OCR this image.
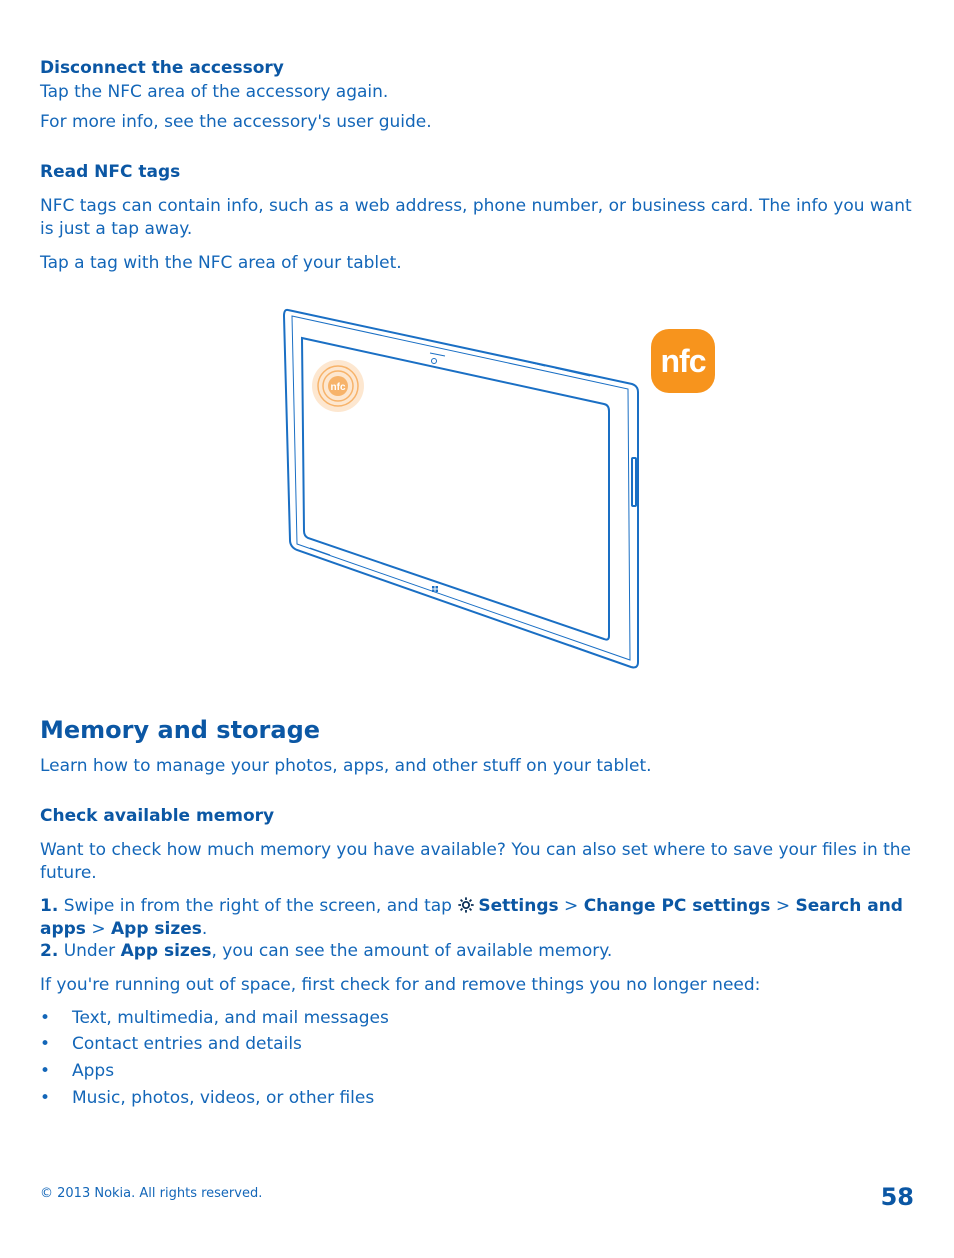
Disconnect the accessory

Tap the NFC area of the accessory again.

For more info, see the accessory's user guide.

Read NFC tags

NFC tags can contain info, such as a web address, phone number, or business card. The info you want is just a tap away.

Tap a tag with the NFC area of your tablet.

nfc
nfc

Memory and storage

Learn how to manage your photos, apps, and other stuff on your tablet.

Check available memory

Want to check how much memory you have available? You can also set where to save your files in the future.

1. Swipe in from the right of the screen, and tap Settings > Change PC settings > Search and apps > App sizes.

2. Under App sizes, you can see the amount of available memory.

If you're running out of space, first check for and remove things you no longer need:

• Text, multimedia, and mail messages
• Contact entries and details
• Apps
• Music, photos, videos, or other files
© 2013 Nokia. All rights reserved.	58
